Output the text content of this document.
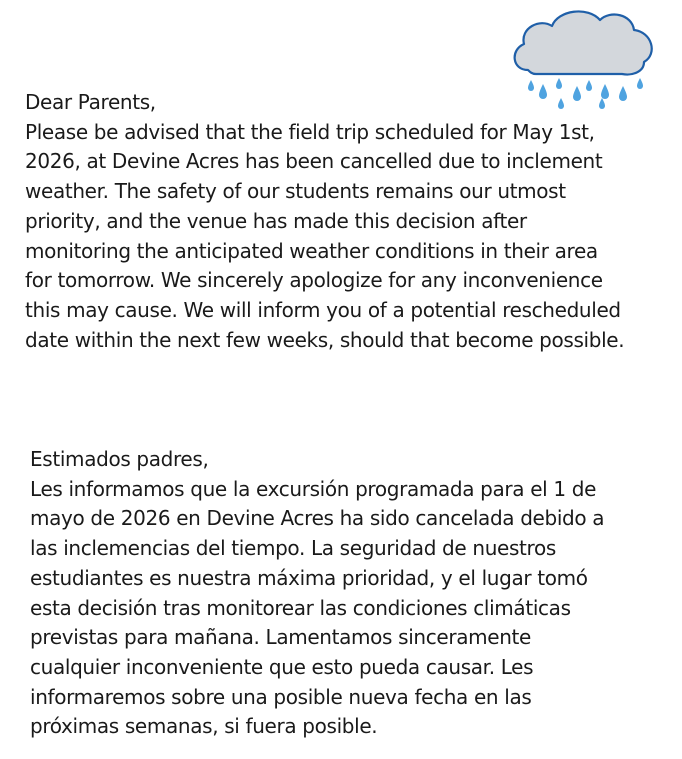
Dear Parents,
Please be advised that the field trip scheduled for May 1st,
2026, at Devine Acres has been cancelled due to inclement
weather. The safety of our students remains our utmost
priority, and the venue has made this decision after
monitoring the anticipated weather conditions in their area
for tomorrow. We sincerely apologize for any inconvenience
this may cause. We will inform you of a potential rescheduled
date within the next few weeks, should that become possible.
Estimados padres,
Les informamos que la excursión programada para el 1 de
mayo de 2026 en Devine Acres ha sido cancelada debido a
las inclemencias del tiempo. La seguridad de nuestros
estudiantes es nuestra máxima prioridad, y el lugar tomó
esta decisión tras monitorear las condiciones climáticas
previstas para mañana. Lamentamos sinceramente
cualquier inconveniente que esto pueda causar. Les
informaremos sobre una posible nueva fecha en las
próximas semanas, si fuera posible.
